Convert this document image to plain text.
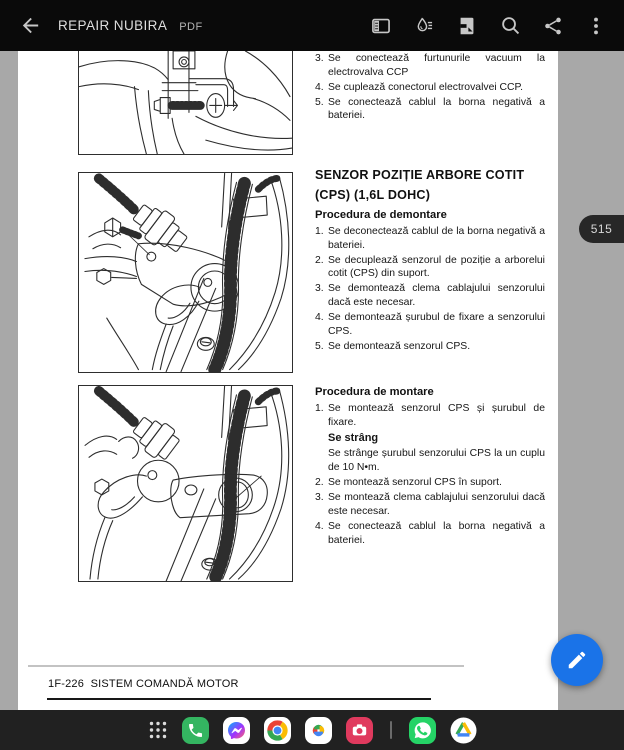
REPAIR NUBIRA PDF
3. Se conectează furtunurile vacuum la electrovalva CCP
4. Se cuplează conectorul electrovalvei CCP.
5. Se conectează cablul la borna negativă a bateriei.
SENZOR POZIȚIE ARBORE COTIT
(CPS) (1,6L DOHC)
Procedura de demontare
1. Se deconectează cablul de la borna negativă a bateriei.
2. Se decuplează senzorul de poziție a arborelui cotit (CPS) din suport.
3. Se demontează clema cablajului senzorului dacă este necesar.
4. Se demontează șurubul de fixare a senzorului CPS.
5. Se demontează senzorul CPS.
Procedura de montare
1. Se montează senzorul CPS și șurubul de fixare.
Se strâng

Se strânge șurubul senzorului CPS la un cuplu de 10 N•m.

2. Se montează senzorul CPS în suport.
3. Se montează clema cablajului senzorului dacă este necesar.
4. Se conectează cablul la borna negativă a bateriei.
1F-226  SISTEM COMANDĂ MOTOR
515
